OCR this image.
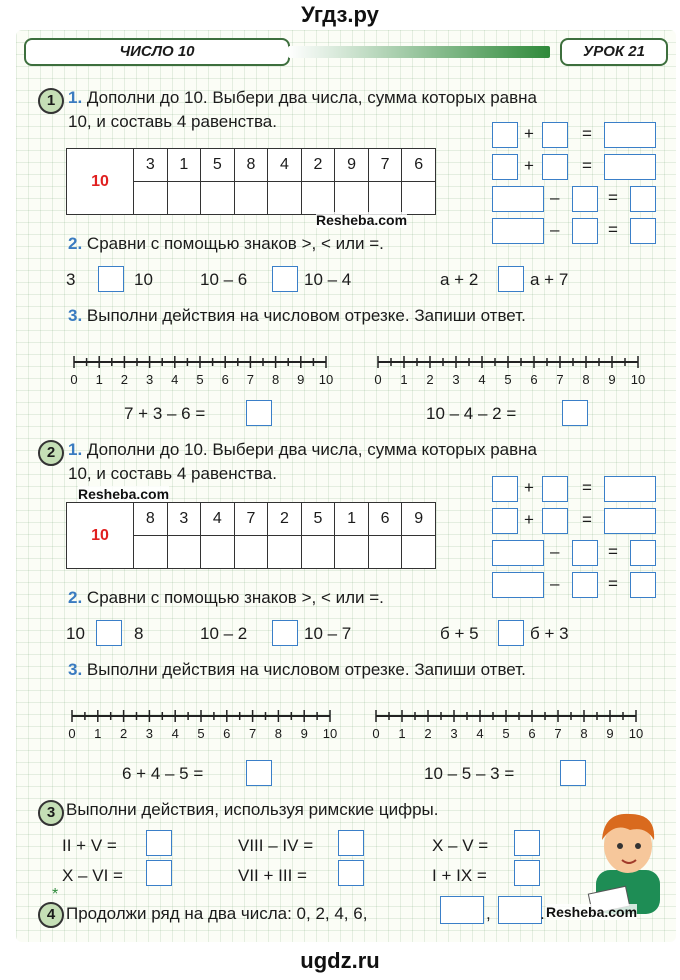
Угдз.ру
ЧИСЛО 10	УРОК 21
1 1. Дополни до 10. Выбери два числа, сумма которых равна
10, и составь 4 равенства.
10	3	1	5	8	4	2	9	7	6

Resheba.com
+	=
+	=
–	=
–	=
2. Сравни с помощью знаков >, < или =.
3	10	10 – 6	10 – 4	а + 2	а + 7
3. Выполни действия на числовом отрезке. Запиши ответ.
0 1 2 3 4 5 6 7 8 9 10	0 1 2 3 4 5 6 7 8 9 10
7 + 3 – 6 =	10 – 4 – 2 =
2 1. Дополни до 10. Выбери два числа, сумма которых равна
10, и составь 4 равенства.
Resheba.com
10	8	3	4	7	2	5	1	6	9

+	=
+	=
–	=
–	=
2. Сравни с помощью знаков >, < или =.
10	8	10 – 2	10 – 7	б + 5	б + 3
3. Выполни действия на числовом отрезке. Запиши ответ.
0 1 2 3 4 5 6 7 8 9 10	0 1 2 3 4 5 6 7 8 9 10
6 + 4 – 5 =	10 – 5 – 3 =
3 Выполни действия, используя римские цифры.
II + V =	VIII – IV =	X – V =
X – VI =	VII + III =	I + IX =
4
*
Продолжи ряд на два числа: 0, 2, 4, 6,	,	. Resheba.com
ugdz.ru
